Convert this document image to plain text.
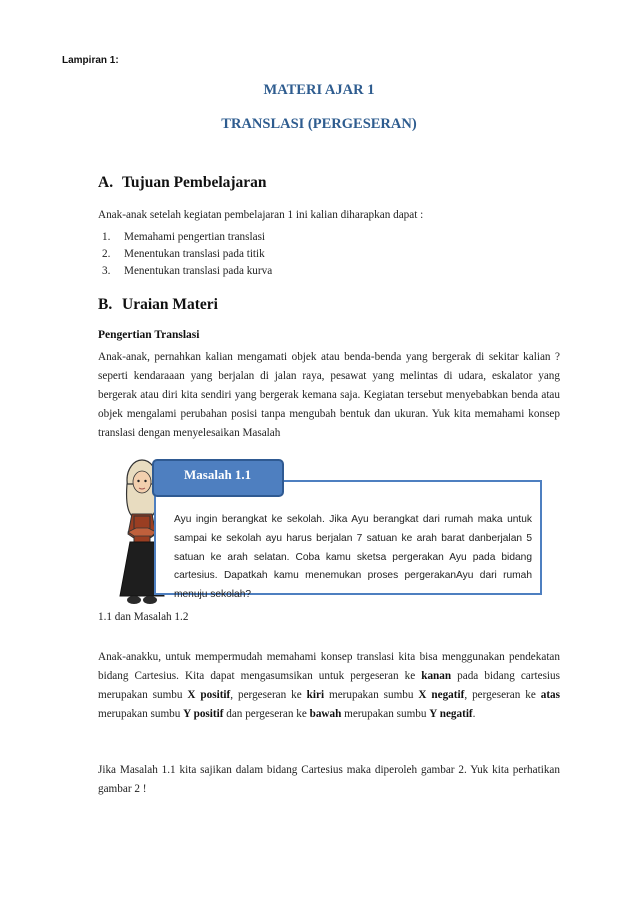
Lampiran 1:
MATERI AJAR 1
TRANSLASI (PERGESERAN)
A. Tujuan Pembelajaran
Anak-anak setelah kegiatan pembelajaran 1 ini kalian diharapkan dapat :
1.	Memahami pengertian translasi
2.	Menentukan translasi pada titik
3.	Menentukan translasi pada kurva
B. Uraian Materi
Pengertian Translasi
Anak-anak, pernahkan kalian mengamati objek atau benda-benda yang bergerak di sekitar kalian ? seperti kendaraaan yang berjalan di jalan raya, pesawat yang melintas di udara, eskalator yang bergerak atau diri kita sendiri yang bergerak kemana saja. Kegiatan tersebut menyebabkan benda atau objek mengalami perubahan posisi tanpa mengubah bentuk dan ukuran. Yuk kita memahami konsep translasi dengan menyelesaikan Masalah
Masalah 1.1
Ayu ingin berangkat ke sekolah. Jika Ayu berangkat dari rumah maka untuk sampai ke sekolah ayu harus berjalan 7 satuan ke arah barat danberjalan 5 satuan ke arah selatan. Coba kamu sketsa pergerakan Ayu pada bidang cartesius. Dapatkah kamu menemukan proses pergerakanAyu dari rumah menuju sekolah?
1.1 dan Masalah 1.2
Anak-anakku, untuk mempermudah memahami konsep translasi kita bisa menggunakan pendekatan bidang Cartesius. Kita dapat mengasumsikan untuk pergeseran ke kanan pada bidang cartesius merupakan sumbu X positif, pergeseran ke kiri merupakan sumbu X negatif, pergeseran ke atas merupakan sumbu Y positif dan pergeseran ke bawah merupakan sumbu Y negatif.
Jika Masalah 1.1 kita sajikan dalam bidang Cartesius maka diperoleh gambar 2. Yuk kita perhatikan gambar 2 !
